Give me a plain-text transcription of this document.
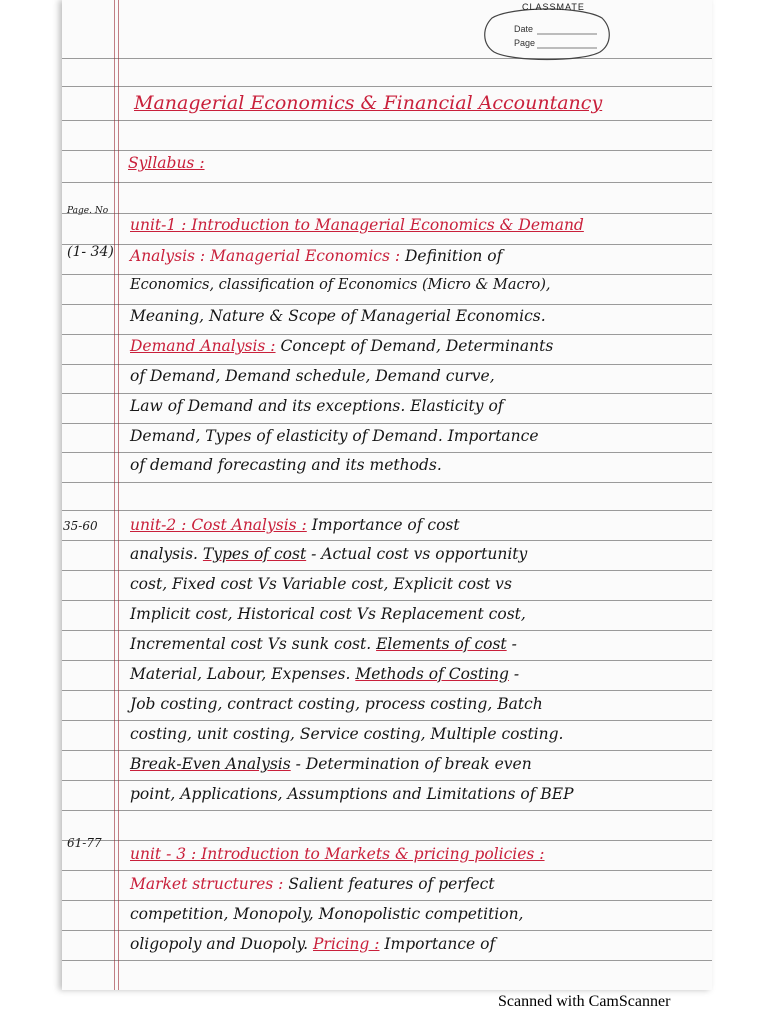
CLASSMATE
Date
Page
Managerial Economics & Financial Accountancy
Syllabus :
Page. No
(1- 34)
35-60
61-77
unit-1 : Introduction to Managerial Economics & Demand
Analysis : Managerial Economics : Definition of
Economics, classification of Economics (Micro & Macro),
Meaning, Nature & Scope of Managerial Economics.
Demand Analysis : Concept of Demand, Determinants
of Demand, Demand schedule, Demand curve,
Law of Demand and its exceptions. Elasticity of
Demand, Types of elasticity of Demand. Importance
of demand forecasting and its methods.
unit-2 : Cost Analysis : Importance of cost
analysis. Types of cost - Actual cost vs opportunity
cost, Fixed cost Vs Variable cost, Explicit cost vs
Implicit cost, Historical cost Vs Replacement cost,
Incremental cost Vs sunk cost. Elements of cost -
Material, Labour, Expenses. Methods of Costing -
Job costing, contract costing, process costing, Batch
costing, unit costing, Service costing, Multiple costing.
Break-Even Analysis - Determination of break even
point, Applications, Assumptions and Limitations of BEP
unit - 3 : Introduction to Markets & pricing policies :
Market structures : Salient features of perfect
competition, Monopoly, Monopolistic competition,
oligopoly and Duopoly. Pricing : Importance of
Scanned with CamScanner
